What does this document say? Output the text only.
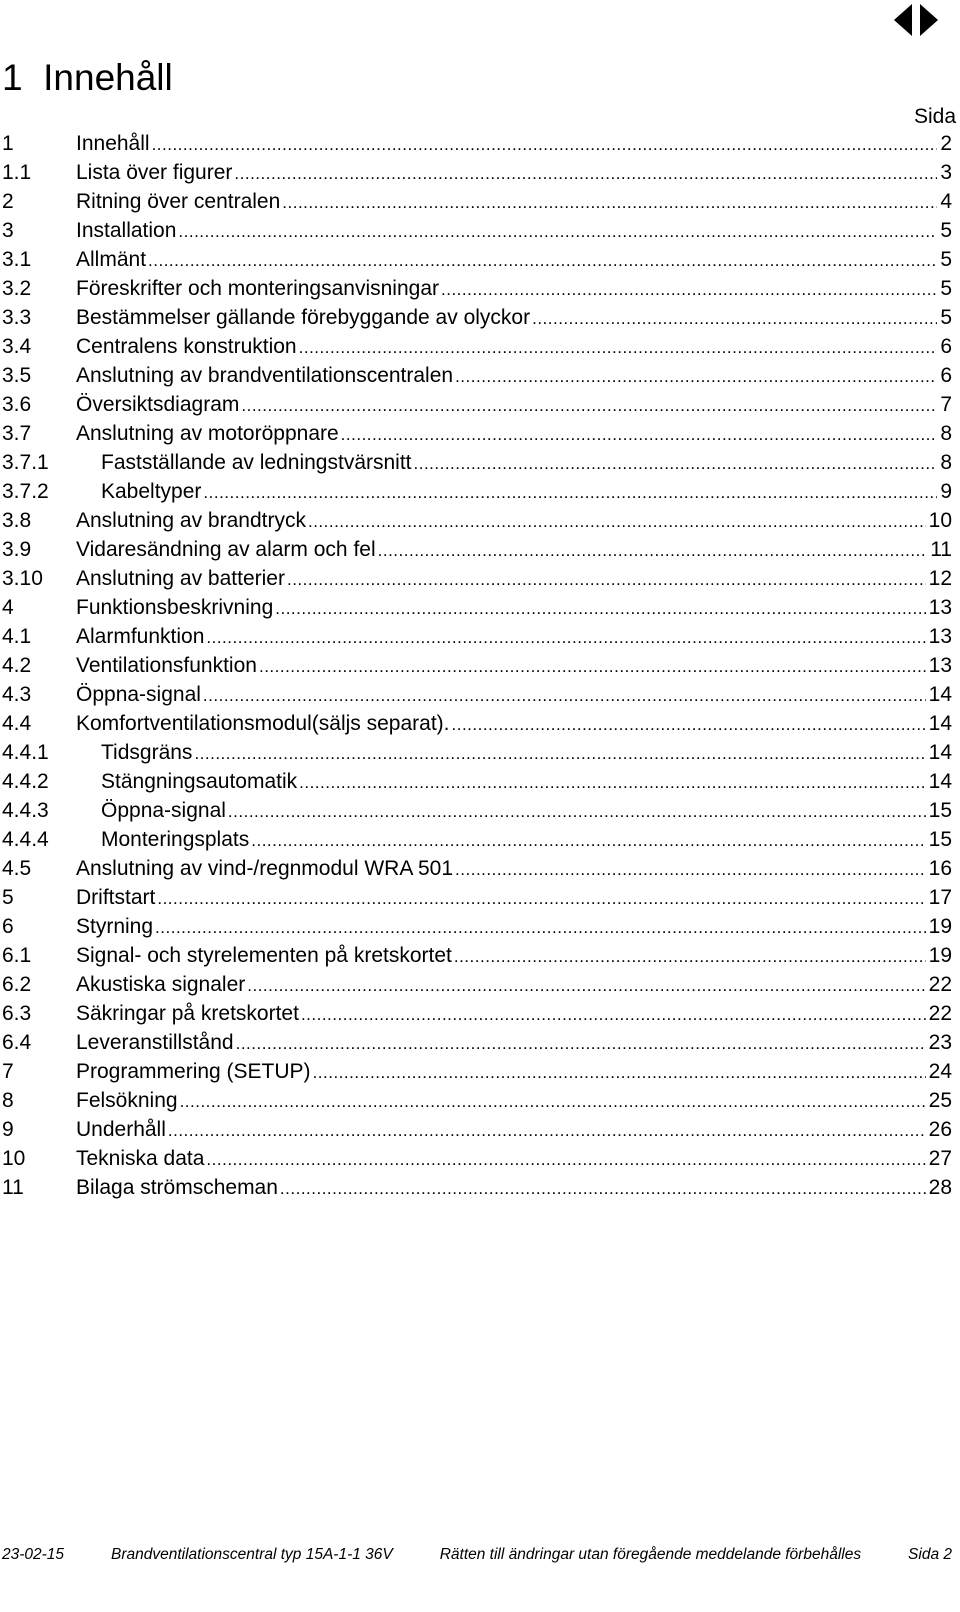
1 Innehåll
Sida
1	Innehåll .....	2
1.1	Lista över figurer .....	3
2	Ritning över centralen .....	4
3	Installation .....	5
3.1	Allmänt .....	5
3.2	Föreskrifter och monteringsanvisningar .....	5
3.3	Bestämmelser gällande förebyggande av olyckor .....	5
3.4	Centralens konstruktion .....	6
3.5	Anslutning av brandventilationscentralen .....	6
3.6	Översiktsdiagram .....	7
3.7	Anslutning av motoröppnare .....	8
3.7.1	Fastställande av ledningstvärsnitt .....	8
3.7.2	Kabeltyper .....	9
3.8	Anslutning av brandtryck .....	10
3.9	Vidaresändning av alarm och fel .....	11
3.10	Anslutning av batterier .....	12
4	Funktionsbeskrivning .....	13
4.1	Alarmfunktion .....	13
4.2	Ventilationsfunktion .....	13
4.3	Öppna-signal .....	14
4.4	Komfortventilationsmodul(säljs separat). .....	14
4.4.1	Tidsgräns .....	14
4.4.2	Stängningsautomatik .....	14
4.4.3	Öppna-signal .....	15
4.4.4	Monteringsplats .....	15
4.5	Anslutning av vind-/regnmodul WRA 501 .....	16
5	Driftstart .....	17
6	Styrning .....	19
6.1	Signal- och styrelementen på kretskortet .....	19
6.2	Akustiska signaler .....	22
6.3	Säkringar på kretskortet .....	22
6.4	Leveranstillstånd .....	23
7	Programmering (SETUP) .....	24
8	Felsökning .....	25
9	Underhåll .....	26
10	Tekniska data .....	27
11	Bilaga strömscheman .....	28
23-02-15	Brandventilationscentral typ 15A-1-1 36V	Rätten till ändringar utan föregående meddelande förbehålles	Sida 2
